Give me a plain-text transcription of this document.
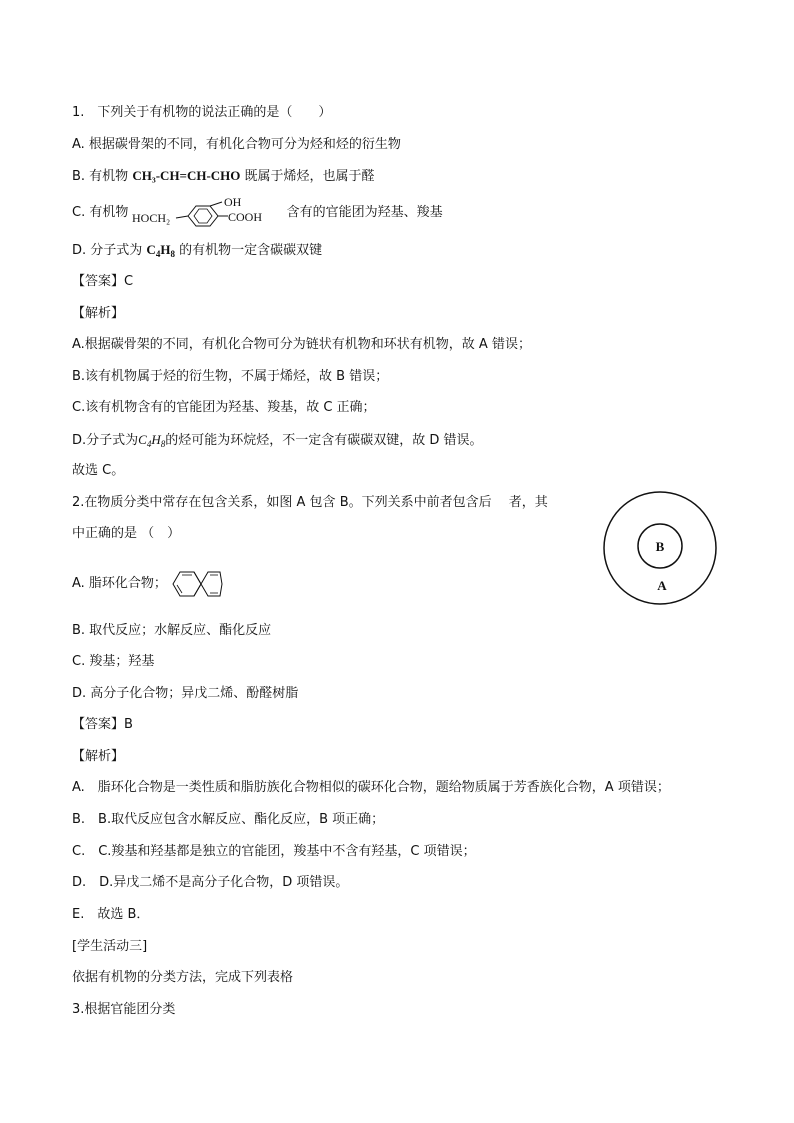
1.　下列关于有机物的说法正确的是（　　）
A. 根据碳骨架的不同，有机化合物可分为烃和烃的衍生物
B. 有机物 CH₃-CH=CH-CHO 既属于烯烃，也属于醛
C. 有机物 HOCH₂
OH
COOH 含有的官能团为羟基、羧基
D. 分子式为 $C_4H_8$ 的有机物一定含碳碳双键
【答案】C
【解析】
A.根据碳骨架的不同，有机化合物可分为链状有机物和环状有机物，故 A 错误；
B.该有机物属于烃的衍生物，不属于烯烃，故 B 错误；
C.该有机物含有的官能团为羟基、羧基，故 C 正确；
D.分子式为$C_4H_8$的烃可能为环烷烃，不一定含有碳碳双键，故 D 错误。
故选 C。
2.在物质分类中常存在包含关系，如图 A 包含 B。下列关系中前者包含后　 者，其
中正确的是 （　）
B
A
A. 脂环化合物；
B. 取代反应；水解反应、酯化反应
C. 羧基；羟基
D. 高分子化合物；异戊二烯、酚醛树脂
【答案】B
【解析】
A.　脂环化合物是一类性质和脂肪族化合物相似的碳环化合物，题给物质属于芳香族化合物，A 项错误；
B.　B.取代反应包含水解反应、酯化反应，B 项正确；
C.　C.羧基和羟基都是独立的官能团，羧基中不含有羟基，C 项错误；
D.　D.异戊二烯不是高分子化合物，D 项错误。
E.　故选 B．
[学生活动三]
依据有机物的分类方法，完成下列表格
3.根据官能团分类
